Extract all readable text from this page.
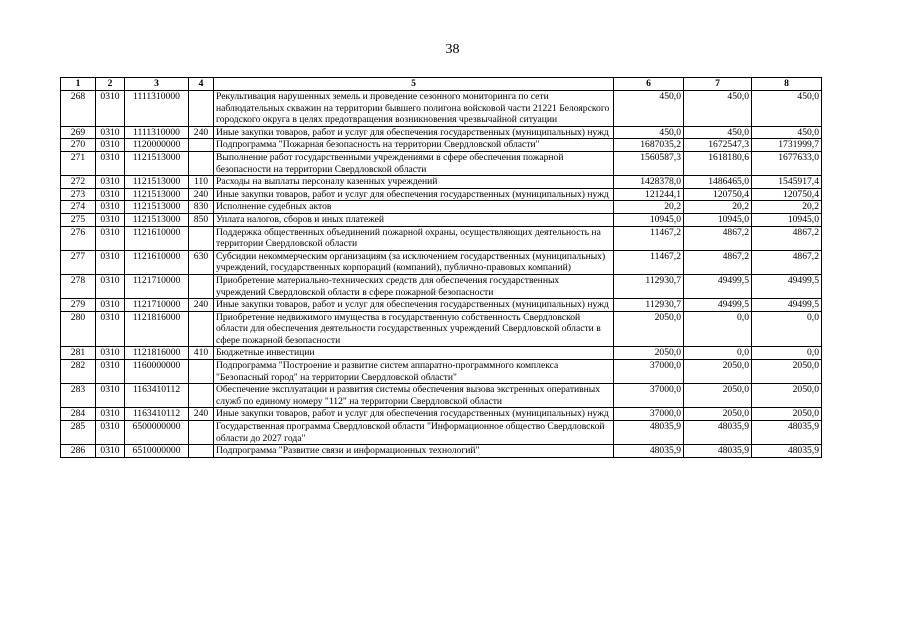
38
1	2	3	4	5	6	7	8
268	0310	1111310000		Рекультивация нарушенных земель и проведение сезонного мониторинга по сети наблюдательных скважин на территории бывшего полигона войсковой части 21221 Белоярского городского округа в целях предотвращения возникновения чрезвычайной ситуации	450,0	450,0	450,0
269	0310	1111310000	240	Иные закупки товаров, работ и услуг для обеспечения государственных (муниципальных) нужд	450,0	450,0	450,0
270	0310	1120000000		Подпрограмма "Пожарная безопасность на территории Свердловской области"	1687035,2	1672547,3	1731999,7
271	0310	1121513000		Выполнение работ государственными учреждениями в сфере обеспечения пожарной безопасности на территории Свердловской области	1560587,3	1618180,6	1677633,0
272	0310	1121513000	110	Расходы на выплаты персоналу казенных учреждений	1428378,0	1486465,0	1545917,4
273	0310	1121513000	240	Иные закупки товаров, работ и услуг для обеспечения государственных (муниципальных) нужд	121244,1	120750,4	120750,4
274	0310	1121513000	830	Исполнение судебных актов	20,2	20,2	20,2
275	0310	1121513000	850	Уплата налогов, сборов и иных платежей	10945,0	10945,0	10945,0
276	0310	1121610000		Поддержка общественных объединений пожарной охраны, осуществляющих деятельность на территории Свердловской области	11467,2	4867,2	4867,2
277	0310	1121610000	630	Субсидии некоммерческим организациям (за исключением государственных (муниципальных) учреждений, государственных корпораций (компаний), публично-правовых компаний)	11467,2	4867,2	4867,2
278	0310	1121710000		Приобретение материально-технических средств для обеспечения государственных учреждений Свердловской области в сфере пожарной безопасности	112930,7	49499,5	49499,5
279	0310	1121710000	240	Иные закупки товаров, работ и услуг для обеспечения государственных (муниципальных) нужд	112930,7	49499,5	49499,5
280	0310	1121816000		Приобретение недвижимого имущества в государственную собственность Свердловской области для обеспечения деятельности государственных учреждений Свердловской области в сфере пожарной безопасности	2050,0	0,0	0,0
281	0310	1121816000	410	Бюджетные инвестиции	2050,0	0,0	0,0
282	0310	1160000000		Подпрограмма "Построение и развитие систем аппаратно-программного комплекса "Безопасный город" на территории Свердловской области"	37000,0	2050,0	2050,0
283	0310	1163410112		Обеспечение эксплуатации и развития системы обеспечения вызова экстренных оперативных служб по единому номеру "112" на территории Свердловской области	37000,0	2050,0	2050,0
284	0310	1163410112	240	Иные закупки товаров, работ и услуг для обеспечения государственных (муниципальных) нужд	37000,0	2050,0	2050,0
285	0310	6500000000		Государственная программа Свердловской области "Информационное общество Свердловской области до 2027 года"	48035,9	48035,9	48035,9
286	0310	6510000000		Подпрограмма "Развитие связи и информационных технологий"	48035,9	48035,9	48035,9
